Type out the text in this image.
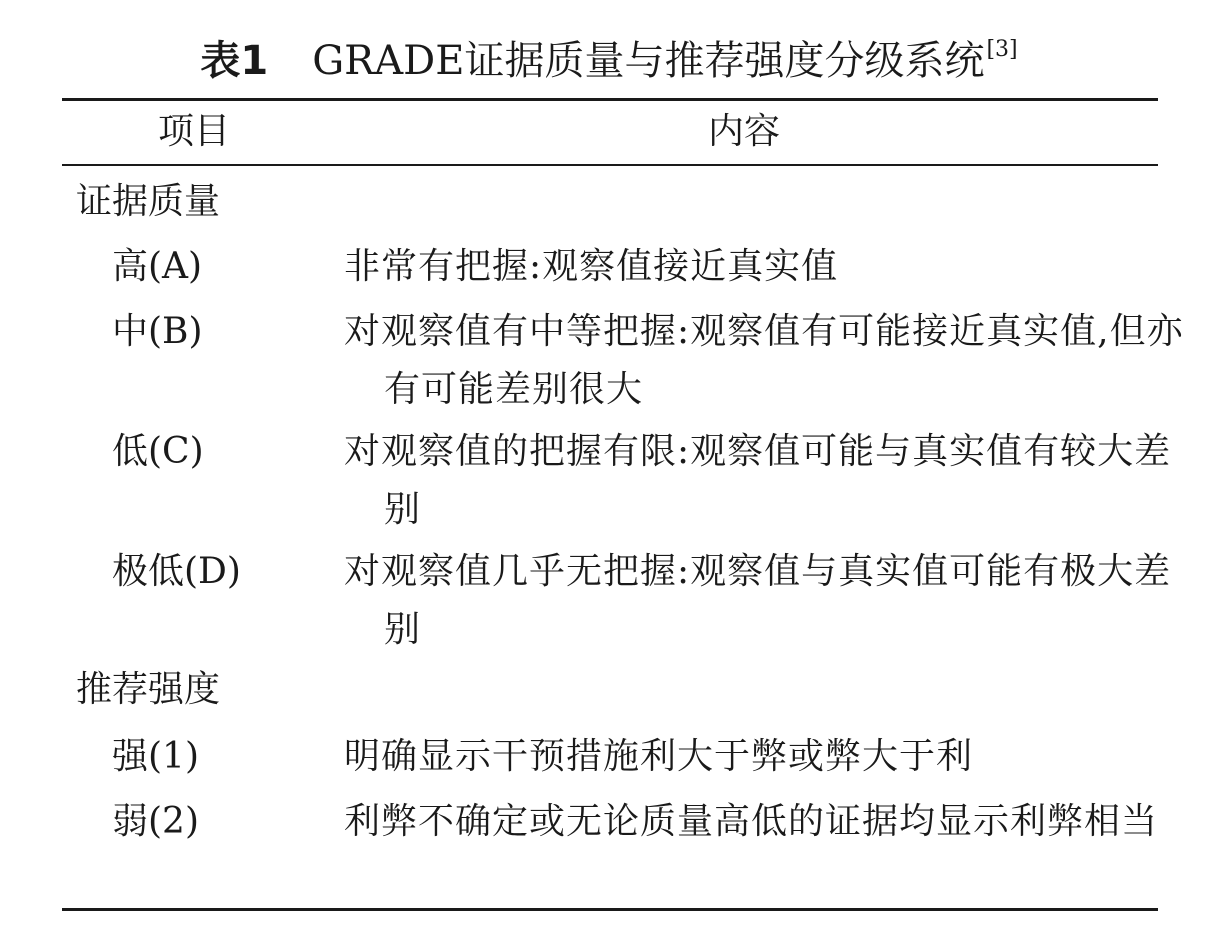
表1 GRADE证据质量与推荐强度分级系统[3]
项目	内容
证据质量
高(A)	非常有把握:观察值接近真实值
中(B)	对观察值有中等把握:观察值有可能接近真实值,但亦有可能差别很大
低(C)	对观察值的把握有限:观察值可能与真实值有较大差别
极低(D)	对观察值几乎无把握:观察值与真实值可能有极大差别
推荐强度
强(1)	明确显示干预措施利大于弊或弊大于利
弱(2)	利弊不确定或无论质量高低的证据均显示利弊相当
